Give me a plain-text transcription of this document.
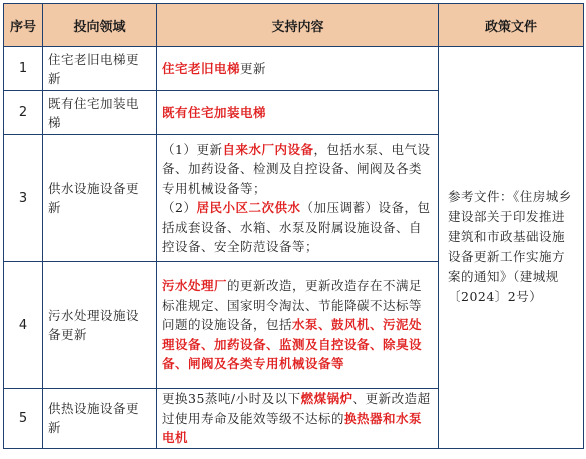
序号	投向领域	支持内容	政策文件
1	住宅老旧电梯更新	住宅老旧电梯更新	参考文件：《住房城乡建设部关于印发推进建筑和市政基础设施设备更新工作实施方案的通知》（建城规〔2024〕2号）
2	既有住宅加装电梯	既有住宅加装电梯	
3	供水设施设备更新	（1）更新自来水厂内设备，包括水泵、电气设备、加药设备、检测及自控设备、闸阀及各类专用机械设备等；
（2）居民小区二次供水（加压调蓄）设备，包括成套设备、水箱、水泵及附属设施设备、自控设备、安全防范设备等；	
4	污水处理设施设备更新	污水处理厂的更新改造，更新改造存在不满足标准规定、国家明令淘汰、节能降碳不达标等问题的设施设备，包括水泵、鼓风机、污泥处理设备、加药设备、监测及自控设备、除臭设备、闸阀及各类专用机械设备等	
5	供热设施设备更新	更换35蒸吨/小时及以下燃煤锅炉、更新改造超过使用寿命及能效等级不达标的换热器和水泵电机	
